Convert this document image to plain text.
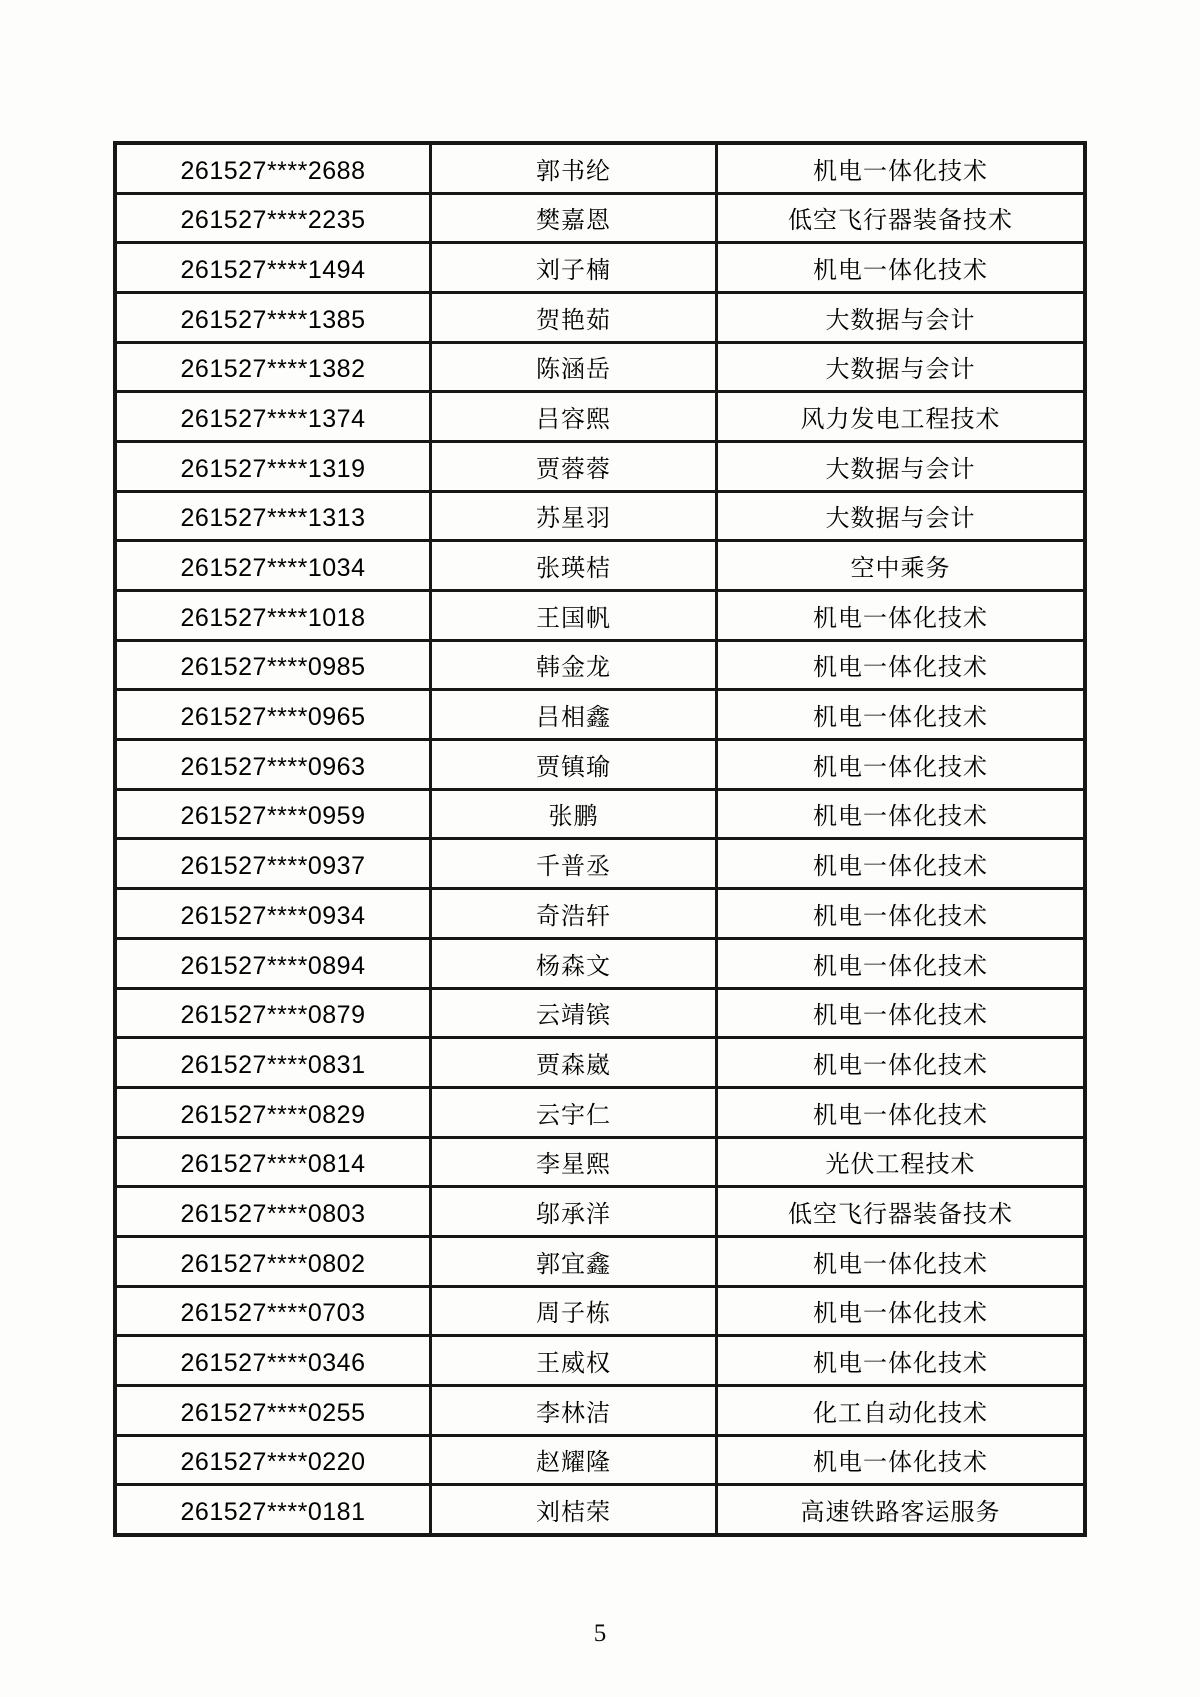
261527****2688	郭书纶	机电一体化技术
261527****2235	樊嘉恩	低空飞行器装备技术
261527****1494	刘子楠	机电一体化技术
261527****1385	贺艳茹	大数据与会计
261527****1382	陈涵岳	大数据与会计
261527****1374	吕容熙	风力发电工程技术
261527****1319	贾蓉蓉	大数据与会计
261527****1313	苏星羽	大数据与会计
261527****1034	张瑛桔	空中乘务
261527****1018	王国帆	机电一体化技术
261527****0985	韩金龙	机电一体化技术
261527****0965	吕相鑫	机电一体化技术
261527****0963	贾镇瑜	机电一体化技术
261527****0959	张鹏	机电一体化技术
261527****0937	千普丞	机电一体化技术
261527****0934	奇浩轩	机电一体化技术
261527****0894	杨森文	机电一体化技术
261527****0879	云靖镔	机电一体化技术
261527****0831	贾森崴	机电一体化技术
261527****0829	云宇仁	机电一体化技术
261527****0814	李星熙	光伏工程技术
261527****0803	邬承洋	低空飞行器装备技术
261527****0802	郭宜鑫	机电一体化技术
261527****0703	周子栋	机电一体化技术
261527****0346	王威权	机电一体化技术
261527****0255	李林洁	化工自动化技术
261527****0220	赵耀隆	机电一体化技术
261527****0181	刘桔荣	高速铁路客运服务
5
